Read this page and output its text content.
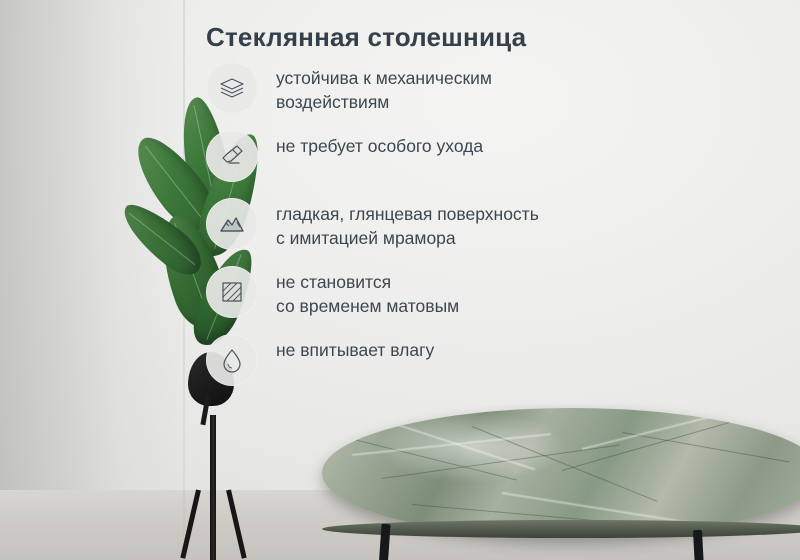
Стеклянная столешница
устойчива к механическим
воздействиям
не требует особого ухода
гладкая, глянцевая поверхность
с имитацией мрамора
не становится
со временем матовым
не впитывает влагу
